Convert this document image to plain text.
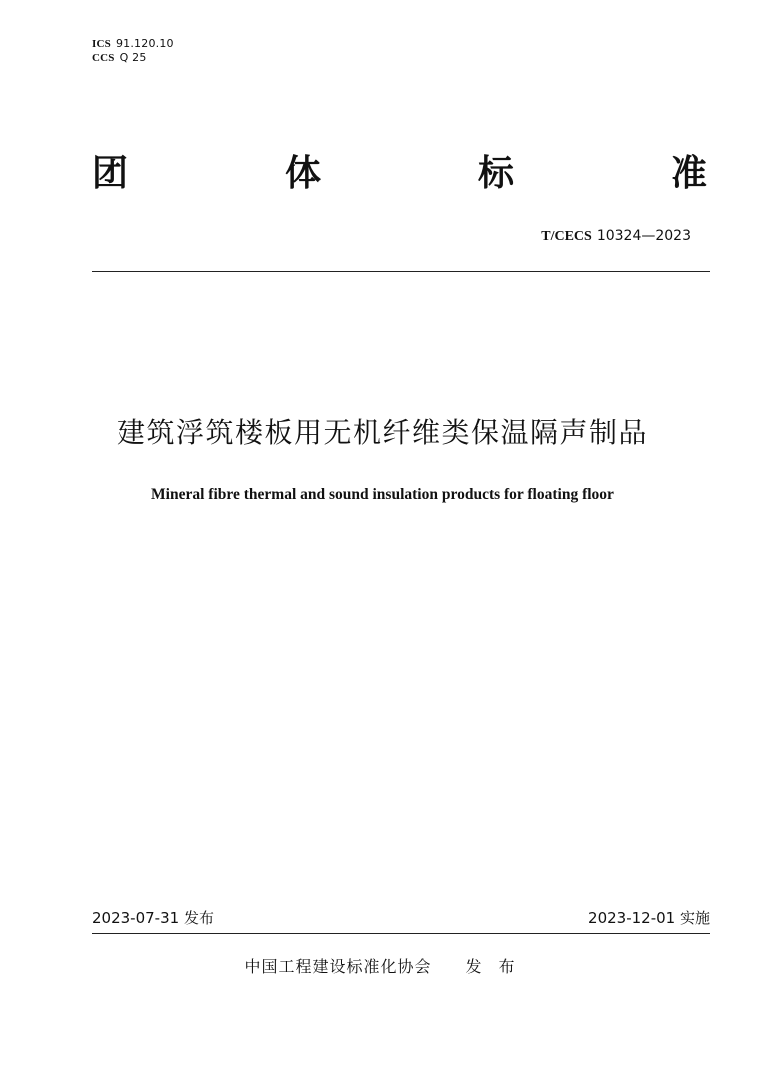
ICS 91.120.10
CCS Q 25
团	体	标	准
T/CECS 10324—2023
建筑浮筑楼板用无机纤维类保温隔声制品
Mineral fibre thermal and sound insulation products for floating floor
2023-07-31 发布	2023-12-01 实施
中国工程建设标准化协会 发 布
